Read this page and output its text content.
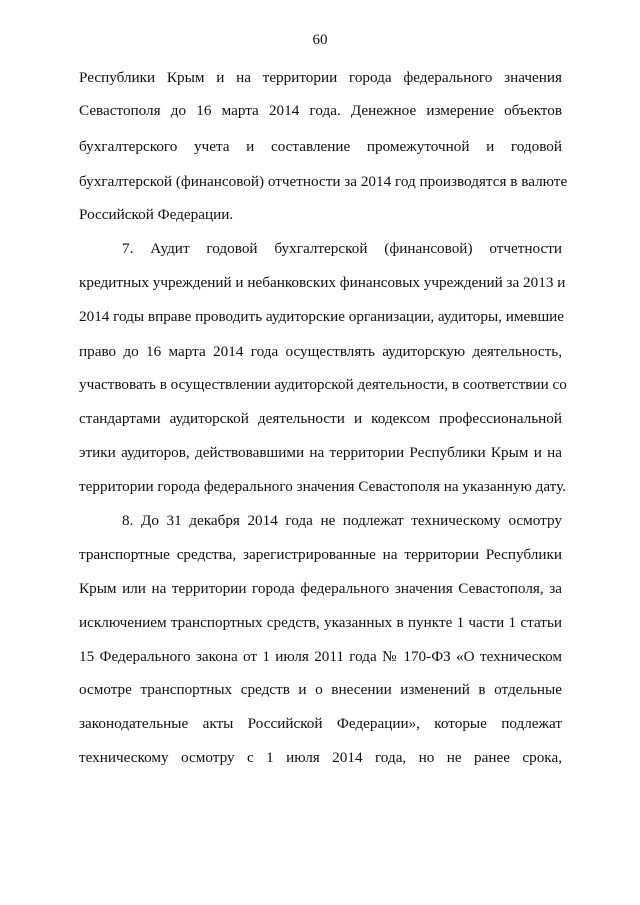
60
Республики Крым и на территории города федерального значения
Севастополя до 16 марта 2014 года. Денежное измерение объектов
бухгалтерского учета и составление промежуточной и годовой
бухгалтерской (финансовой) отчетности за 2014 год производятся в валюте
Российской Федерации.
7. Аудит годовой бухгалтерской (финансовой) отчетности
кредитных учреждений и небанковских финансовых учреждений за 2013 и
2014 годы вправе проводить аудиторские организации, аудиторы, имевшие
право до 16 марта 2014 года осуществлять аудиторскую деятельность,
участвовать в осуществлении аудиторской деятельности, в соответствии со
стандартами аудиторской деятельности и кодексом профессиональной
этики аудиторов, действовавшими на территории Республики Крым и на
территории города федерального значения Севастополя на указанную дату.
8. До 31 декабря 2014 года не подлежат техническому осмотру
транспортные средства, зарегистрированные на территории Республики
Крым или на территории города федерального значения Севастополя, за
исключением транспортных средств, указанных в пункте 1 части 1 статьи
15 Федерального закона от 1 июля 2011 года № 170-ФЗ «О техническом
осмотре транспортных средств и о внесении изменений в отдельные
законодательные акты Российской Федерации», которые подлежат
техническому осмотру с 1 июля 2014 года, но не ранее срока,
